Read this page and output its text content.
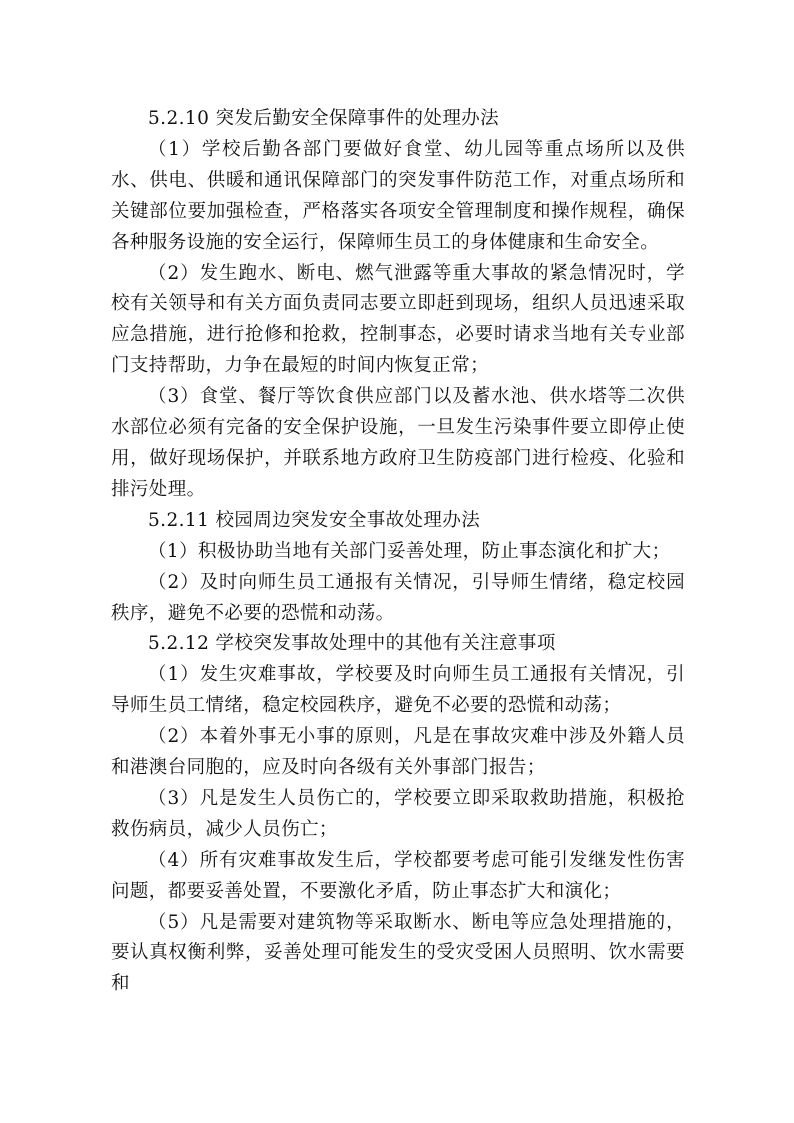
5.2.10 突发后勤安全保障事件的处理办法

（1）学校后勤各部门要做好食堂、幼儿园等重点场所以及供水、供电、供暖和通讯保障部门的突发事件防范工作，对重点场所和关键部位要加强检查，严格落实各项安全管理制度和操作规程，确保各种服务设施的安全运行，保障师生员工的身体健康和生命安全。

（2）发生跑水、断电、燃气泄露等重大事故的紧急情况时，学校有关领导和有关方面负责同志要立即赶到现场，组织人员迅速采取应急措施，进行抢修和抢救，控制事态，必要时请求当地有关专业部门支持帮助，力争在最短的时间内恢复正常；

（3）食堂、餐厅等饮食供应部门以及蓄水池、供水塔等二次供水部位必须有完备的安全保护设施，一旦发生污染事件要立即停止使用，做好现场保护，并联系地方政府卫生防疫部门进行检疫、化验和排污处理。

5.2.11 校园周边突发安全事故处理办法

（1）积极协助当地有关部门妥善处理，防止事态演化和扩大；

（2）及时向师生员工通报有关情况，引导师生情绪，稳定校园秩序，避免不必要的恐慌和动荡。

5.2.12 学校突发事故处理中的其他有关注意事项

（1）发生灾难事故，学校要及时向师生员工通报有关情况，引导师生员工情绪，稳定校园秩序，避免不必要的恐慌和动荡；

（2）本着外事无小事的原则，凡是在事故灾难中涉及外籍人员和港澳台同胞的，应及时向各级有关外事部门报告；

（3）凡是发生人员伤亡的，学校要立即采取救助措施，积极抢救伤病员，减少人员伤亡；

（4）所有灾难事故发生后，学校都要考虑可能引发继发性伤害问题，都要妥善处置，不要激化矛盾，防止事态扩大和演化；

（5）凡是需要对建筑物等采取断水、断电等应急处理措施的，要认真权衡利弊，妥善处理可能发生的受灾受困人员照明、饮水需要和
